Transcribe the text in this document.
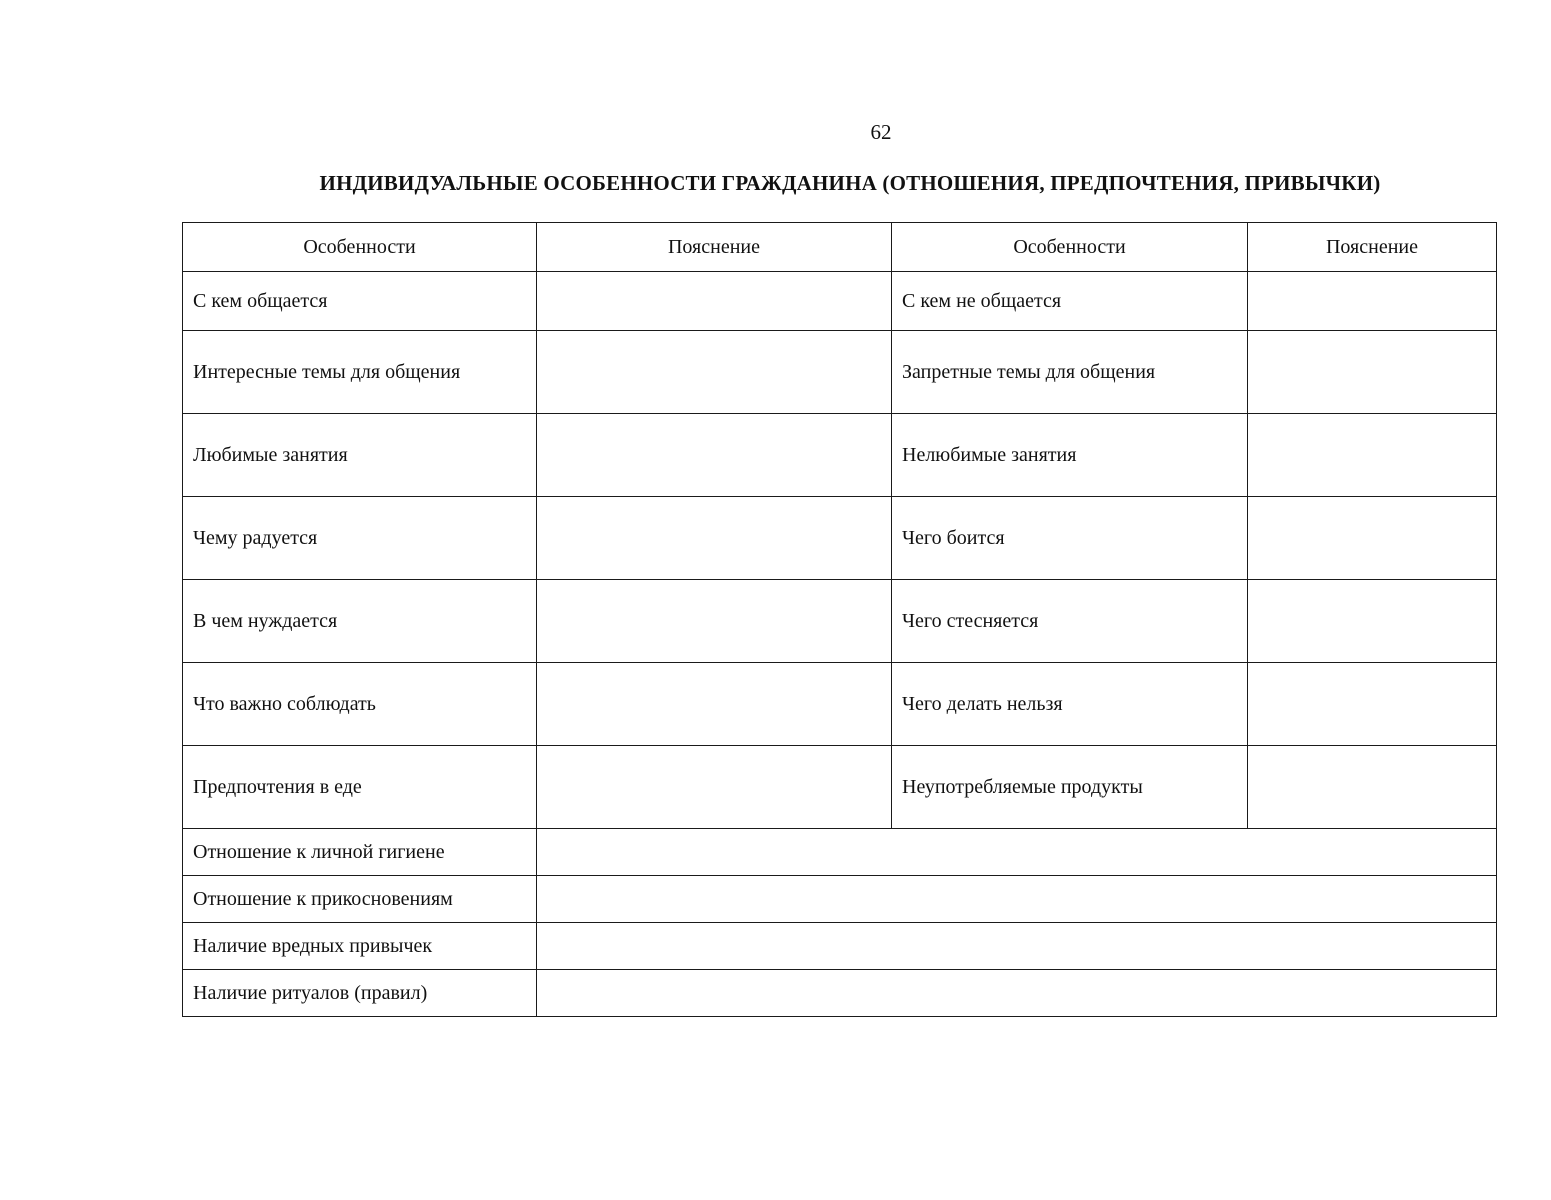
62
ИНДИВИДУАЛЬНЫЕ ОСОБЕННОСТИ ГРАЖДАНИНА (ОТНОШЕНИЯ, ПРЕДПОЧТЕНИЯ, ПРИВЫЧКИ)
Особенности	Пояснение	Особенности	Пояснение
С кем общается		С кем не общается	
Интересные темы для общения		Запретные темы для общения	
Любимые занятия		Нелюбимые занятия	
Чему радуется		Чего боится	
В чем нуждается		Чего стесняется	
Что важно соблюдать		Чего делать нельзя	
Предпочтения в еде		Неупотребляемые продукты	
Отношение к личной гигиене			
Отношение к прикосновениям			
Наличие вредных привычек			
Наличие ритуалов (правил)			
